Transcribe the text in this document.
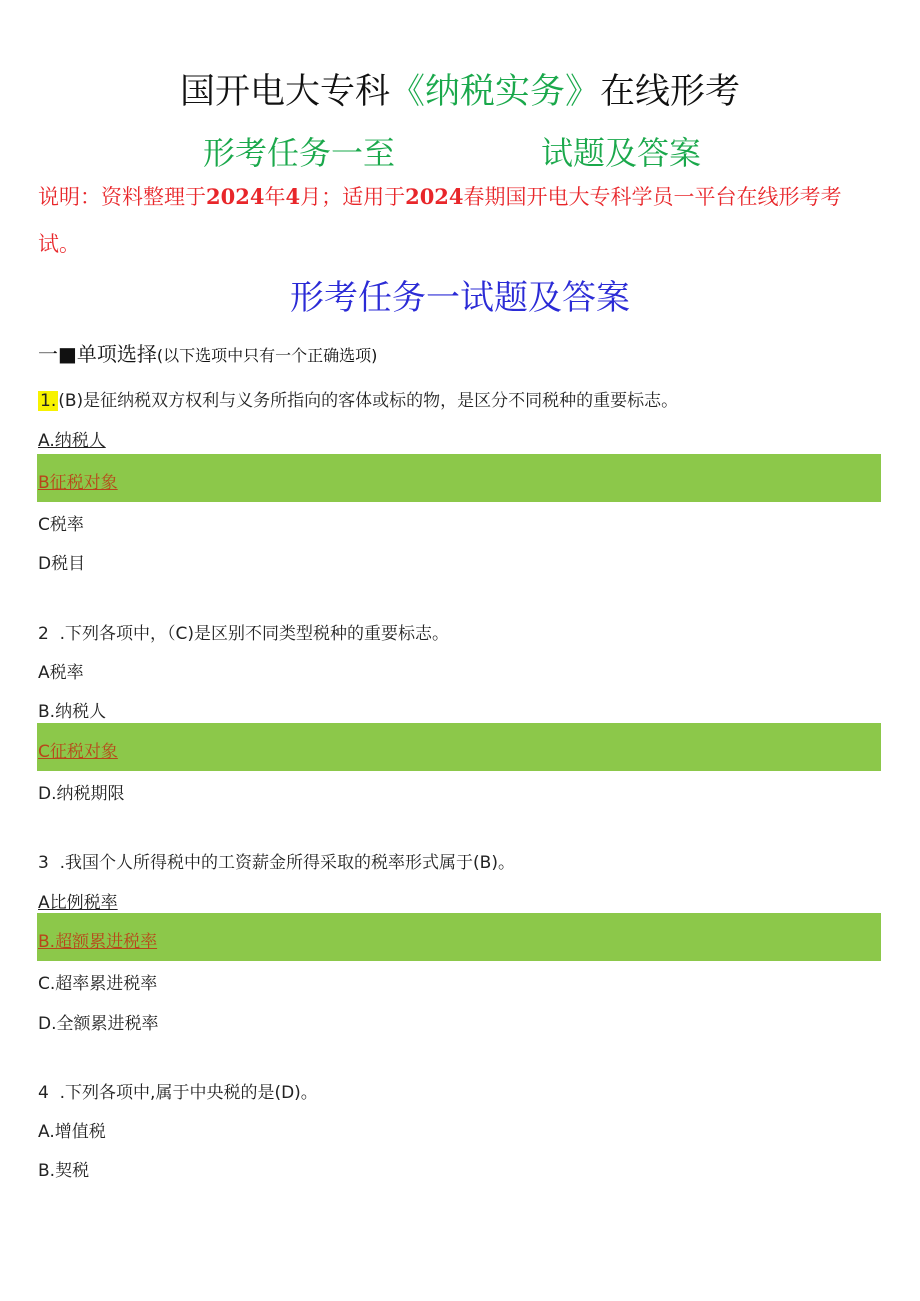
国开电大专科《纳税实务》在线形考
形考任务一至	试题及答案
说明：资料整理于2024年4月；适用于2024春期国开电大专科学员一平台在线形考考试。
形考任务一试题及答案
一■单项选择(以下选项中只有一个正确选项)
1. (B)是征纳税双方权利与义务所指向的客体或标的物，是区分不同税种的重要标志。
A.纳税人
B征税对象
C税率
D税目
2 .下列各项中，（C)是区别不同类型税种的重要标志。
A税率
B.纳税人
C征税对象
D.纳税期限
3 .我国个人所得税中的工资薪金所得采取的税率形式属于(B)。
A比例税率
B.超额累进税率
C.超率累进税率
D.全额累进税率
4 .下列各项中,属于中央税的是(D)。
A.增值税
B.契税
